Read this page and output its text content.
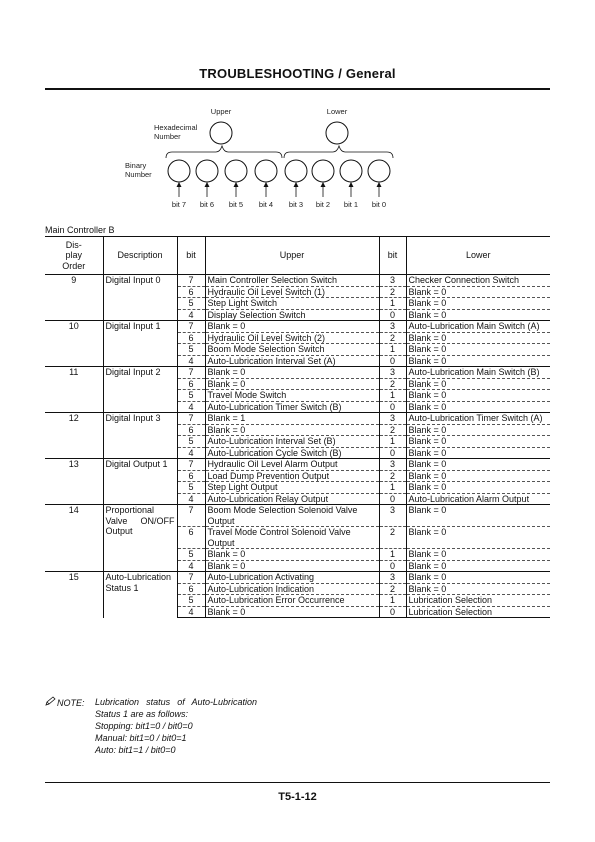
TROUBLESHOOTING / General
Upper	Lower
Hexadecimal
Number
Binary
Number
bit 7 bit 6 bit 5 bit 4 bit 3 bit 2 bit 1 bit 0
Main Controller B
Dis-
play
Order	Description	bit	Upper	bit	Lower
9	Digital Input 0	7	Main Controller Selection Switch	3	Checker Connection Switch
		6	Hydraulic Oil Level Switch (1)	2	Blank = 0
		5	Step Light Switch	1	Blank = 0
		4	Display Selection Switch	0	Blank = 0
10	Digital Input 1	7	Blank = 0	3	Auto-Lubrication Main Switch (A)
		6	Hydraulic Oil Level Switch (2)	2	Blank = 0
		5	Boom Mode Selection Switch	1	Blank = 0
		4	Auto-Lubrication Interval Set (A)	0	Blank = 0
11	Digital Input 2	7	Blank = 0	3	Auto-Lubrication Main Switch (B)
		6	Blank = 0	2	Blank = 0
		5	Travel Mode Switch	1	Blank = 0
		4	Auto-Lubrication Timer Switch (B)	0	Blank = 0
12	Digital Input 3	7	Blank = 1	3	Auto-Lubrication Timer Switch (A)
		6	Blank = 0	2	Blank = 0
		5	Auto-Lubrication Interval Set (B)	1	Blank = 0
		4	Auto-Lubrication Cycle Switch (B)	0	Blank = 0
13	Digital Output 1	7	Hydraulic Oil Level Alarm Output	3	Blank = 0
		6	Load Dump Prevention Output	2	Blank = 0
		5	Step Light Output	1	Blank = 0
		4	Auto-Lubrication Relay Output	0	Auto-Lubrication Alarm Output
14	Proportional Valve ON/OFF Output	7	Boom Mode Selection Solenoid Valve Output	3	Blank = 0
		6	Travel Mode Control Solenoid Valve Output	2	Blank = 0
		5	Blank = 0	1	Blank = 0
		4	Blank = 0	0	Blank = 0
15	Auto-Lubrication Status 1	7	Auto-Lubrication Activating	3	Blank = 0
		6	Auto-Lubrication Indication	2	Blank = 0
		5	Auto-Lubrication Error Occurrence	1	Lubrication Selection
		4	Blank = 0	0	Lubrication Selection
NOTE:	Lubrication status of Auto-Lubrication
Status 1 are as follows:
Stopping: bit1=0 / bit0=0
Manual: bit1=0 / bit0=1
Auto: bit1=1 / bit0=0
T5-1-12
